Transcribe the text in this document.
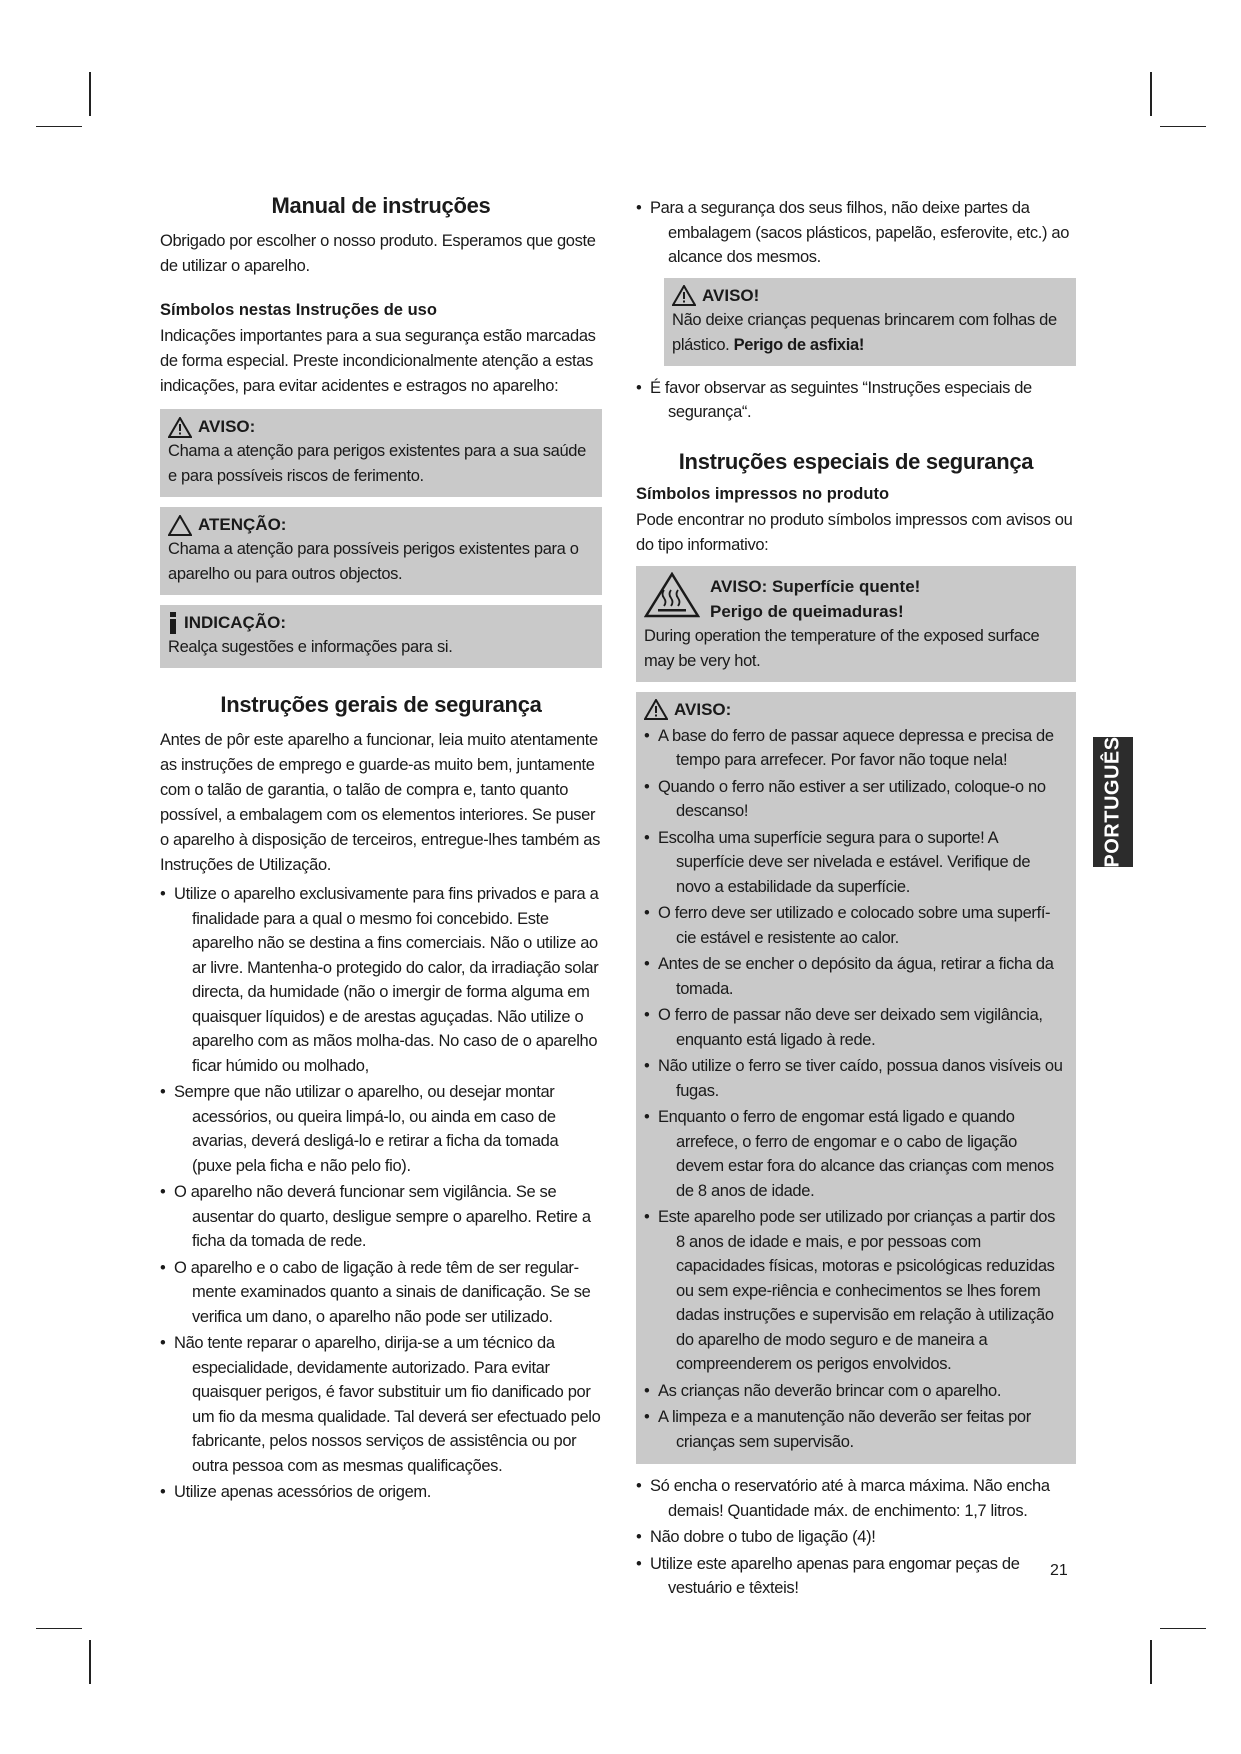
Manual de instruções

Obrigado por escolher o nosso produto. Esperamos que goste de utilizar o aparelho.

Símbolos nestas Instruções de uso

Indicações importantes para a sua segurança estão marcadas de forma especial. Preste incondicionalmente atenção a estas indicações, para evitar acidentes e estragos no aparelho:

AVISO:

Chama a atenção para perigos existentes para a sua saúde e para possíveis riscos de ferimento.

ATENÇÃO:

Chama a atenção para possíveis perigos existentes para o aparelho ou para outros objectos.

INDICAÇÃO:

Realça sugestões e informações para si.

Instruções gerais de segurança

Antes de pôr este aparelho a funcionar, leia muito atentamente as instruções de emprego e guarde-as muito bem, juntamente com o talão de garantia, o talão de compra e, tanto quanto possível, a embalagem com os elementos interiores. Se puser o aparelho à disposição de terceiros, entregue-lhes também as Instruções de Utilização.

• Utilize o aparelho exclusivamente para fins privados e para a finalidade para a qual o mesmo foi concebido. Este aparelho não se destina a fins comerciais. Não o utilize ao ar livre. Mantenha-o protegido do calor, da irradiação solar directa, da humidade (não o imergir de forma alguma em quaisquer líquidos) e de arestas aguçadas. Não utilize o aparelho com as mãos molha-das. No caso de o aparelho ficar húmido ou molhado,
• Sempre que não utilizar o aparelho, ou desejar montar acessórios, ou queira limpá-lo, ou ainda em caso de avarias, deverá desligá-lo e retirar a ficha da tomada (puxe pela ficha e não pelo fio).
• O aparelho não deverá funcionar sem vigilância. Se se ausentar do quarto, desligue sempre o aparelho. Retire a ficha da tomada de rede.
• O aparelho e o cabo de ligação à rede têm de ser regular-mente examinados quanto a sinais de danificação. Se se verifica um dano, o aparelho não pode ser utilizado.
• Não tente reparar o aparelho, dirija-se a um técnico da especialidade, devidamente autorizado. Para evitar quaisquer perigos, é favor substituir um fio danificado por um fio da mesma qualidade. Tal deverá ser efectuado pelo fabricante, pelos nossos serviços de assistência ou por outra pessoa com as mesmas qualificações.
• Utilize apenas acessórios de origem.
• Para a segurança dos seus filhos, não deixe partes da embalagem (sacos plásticos, papelão, esferovite, etc.) ao alcance dos mesmos.
AVISO!

Não deixe crianças pequenas brincarem com folhas de plástico. Perigo de asfixia!

• É favor observar as seguintes “Instruções especiais de segurança“.
Instruções especiais de segurança
Símbolos impressos no produto

Pode encontrar no produto símbolos impressos com avisos ou do tipo informativo:

AVISO: Superfície quente!
Perigo de queimaduras!

During operation the temperature of the exposed surface may be very hot.

AVISO:
• A base do ferro de passar aquece depressa e precisa de tempo para arrefecer. Por favor não toque nela!
• Quando o ferro não estiver a ser utilizado, coloque-o no descanso!
• Escolha uma superfície segura para o suporte! A superfície deve ser nivelada e estável. Verifique de novo a estabilidade da superfície.
• O ferro deve ser utilizado e colocado sobre uma superfí-cie estável e resistente ao calor.
• Antes de se encher o depósito da água, retirar a ficha da tomada.
• O ferro de passar não deve ser deixado sem vigilância, enquanto está ligado à rede.
• Não utilize o ferro se tiver caído, possua danos visíveis ou fugas.
• Enquanto o ferro de engomar está ligado e quando arrefece, o ferro de engomar e o cabo de ligação devem estar fora do alcance das crianças com menos de 8 anos de idade.
• Este aparelho pode ser utilizado por crianças a partir dos 8 anos de idade e mais, e por pessoas com capacidades físicas, motoras e psicológicas reduzidas ou sem expe-riência e conhecimentos se lhes forem dadas instruções e supervisão em relação à utilização do aparelho de modo seguro e de maneira a compreenderem os perigos envolvidos.
• As crianças não deverão brincar com o aparelho.
• A limpeza e a manutenção não deverão ser feitas por crianças sem supervisão.
• Só encha o reservatório até à marca máxima. Não encha demais! Quantidade máx. de enchimento: 1,7 litros.
• Não dobre o tubo de ligação (4)!
• Utilize este aparelho apenas para engomar peças de vestuário e têxteis!
PORTUGUÊS
21
